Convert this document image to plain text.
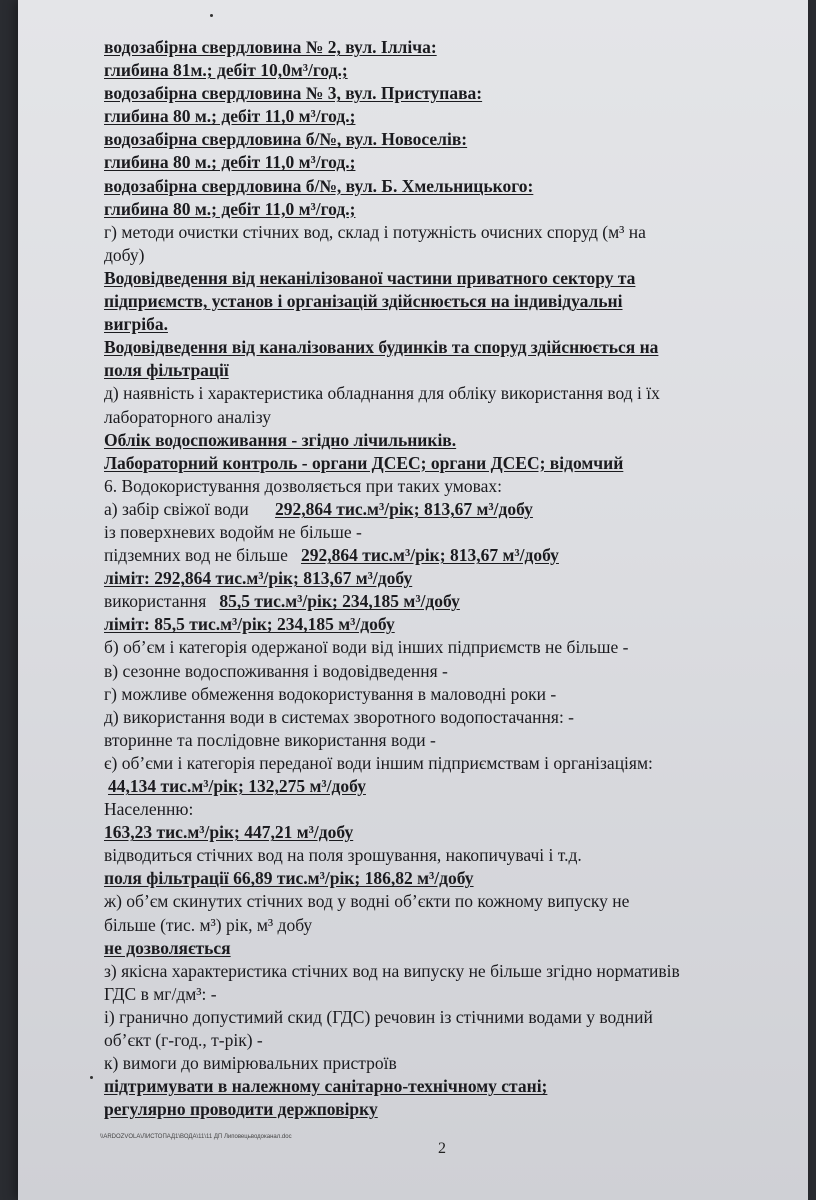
водозабірна свердловина № 2, вул. Ілліча:
глибина 81м.; дебіт 10,0м³/год.;
водозабірна свердловина № 3, вул. Приступава:
глибина 80 м.; дебіт 11,0 м³/год.;
водозабірна свердловина б/№, вул. Новоселів:
глибина 80 м.; дебіт 11,0 м³/год.;
водозабірна свердловина б/№, вул. Б. Хмельницького:
глибина 80 м.; дебіт 11,0 м³/год.;
г) методи очистки стічних вод, склад і потужність очисних споруд (м³ на
добу)
Водовідведення від неканілізованої частини приватного сектору та
підприємств, установ і організацій здійснюється на індивідуальні
вигріба.
Водовідведення від каналізованих будинків та споруд здійснюється на
поля фільтрації
д) наявність і характеристика обладнання для обліку використання вод і їх
лабораторного аналізу
Облік водоспоживання - згідно лічильників.
Лабораторний контроль - органи ДСЕС; органи ДСЕС; відомчий
6. Водокористування дозволяється при таких умовах:
а) забір свіжої води 292,864 тис.м³/рік; 813,67 м³/добу
із поверхневих водойм не більше -
підземних вод не більше 292,864 тис.м³/рік; 813,67 м³/добу
ліміт: 292,864 тис.м³/рік; 813,67 м³/добу
використання 85,5 тис.м³/рік; 234,185 м³/добу
ліміт: 85,5 тис.м³/рік; 234,185 м³/добу
б) об’єм і категорія одержаної води від інших підприємств не більше -
в) сезонне водоспоживання і водовідведення -
г) можливе обмеження водокористування в маловодні роки -
д) використання води в системах зворотного водопостачання: -
вторинне та послідовне використання води -
є) об’єми і категорія переданої води іншим підприємствам і організаціям:
44,134 тис.м³/рік; 132,275 м³/добу
Населенню:
163,23 тис.м³/рік; 447,21 м³/добу
відводиться стічних вод на поля зрошування, накопичувачі і т.д.
поля фільтрації 66,89 тис.м³/рік; 186,82 м³/добу
ж) об’єм скинутих стічних вод у водні об’єкти по кожному випуску не
більше (тис. м³) рік, м³ добу
не дозволяється
з) якісна характеристика стічних вод на випуску не більше згідно нормативів
ГДС в мг/дм³: -
і) гранично допустимий скид (ГДС) речовин із стічними водами у водний
об’єкт (г-год., т-рік) -
к) вимоги до вимірювальних пристроїв
підтримувати в належному санітарно-технічному стані;
регулярно проводити держповірку
\\ARDOZVOLA\ЛИСТОПАД1\ВОДА\11\11 ДП Липовецьводоканал.doc
2
